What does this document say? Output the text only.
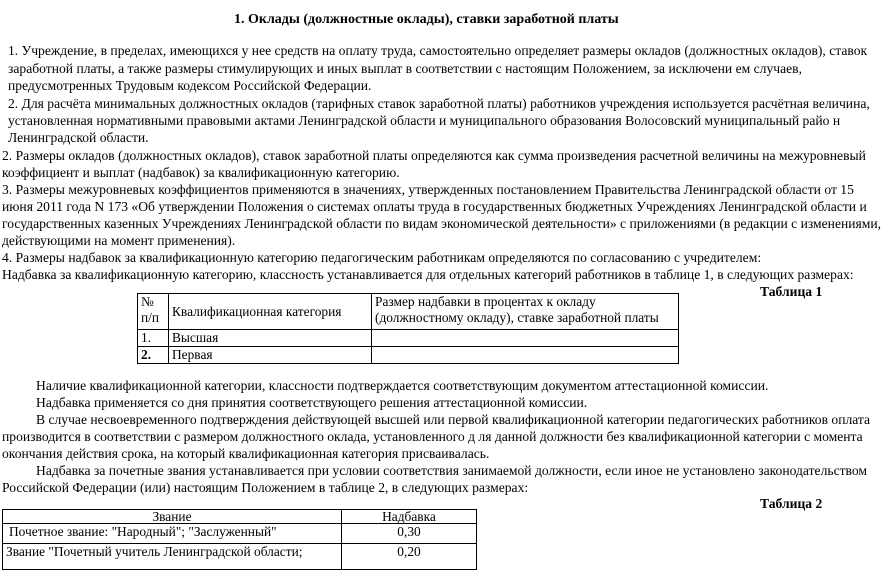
1. Оклады (должностные оклады), ставки заработной платы
1. Учреждение, в пределах, имеющихся у нее средств на оплату труда, самостоятельно определяет размеры окладов (должностных окладов), ставок
заработной платы, а также размеры стимулирующих и иных выплат в соответствии с настоящим Положением, за исключени ем случаев,
предусмотренных Трудовым кодексом Российской Федерации.
2. Для расчёта минимальных должностных окладов (тарифных ставок заработной платы) работников учреждения используется расчётная величина,
установленная нормативными правовыми актами Ленинградской области и муниципального образования Волосовский муниципальный райо н
Ленинградской области.
2. Размеры окладов (должностных окладов), ставок заработной платы определяются как сумма произведения расчетной величины на межуровневый
коэффициент и выплат (надбавок) за квалификационную категорию.
3. Размеры межуровневых коэффициентов применяются в значениях, утвержденных постановлением Правительства Ленинградской области от 15
июня 2011 года N 173 «Об утверждении Положения о системах оплаты труда в государственных бюджетных Учреждениях Ленинградской области и
государственных казенных Учреждениях Ленинградской области по видам экономической деятельности» с приложениями (в редакции с изменениями,
действующими на момент применения).
4. Размеры надбавок за квалификационную категорию педагогическим работникам определяются по согласованию с учредителем:
Надбавка за квалификационную категорию, классность устанавливается для отдельных категорий работников в таблице 1, в следующих размерах:
Таблица 1
№ п/п	Квалификационная категория	Размер надбавки в процентах к окладу (должностному окладу), ставке заработной платы
1.	Высшая	
2.	Первая	
Наличие квалификационной категории, классности подтверждается соответствующим документом аттестационной комиссии.
Надбавка применяется со дня принятия соответствующего решения аттестационной комиссии.
В случае несвоевременного подтверждения действующей высшей или первой квалификационной категории педагогических работников оплата
производится в соответствии с размером должностного оклада, установленного д ля данной должности без квалификационной категории с момента
окончания действия срока, на который квалификационная категория присваивалась.
Надбавка за почетные звания устанавливается при условии соответствия занимаемой должности, если иное не установлено законодательством
Российской Федерации (или) настоящим Положением в таблице 2, в следующих размерах:
Таблица 2
Звание	Надбавка
Почетное звание: "Народный"; "Заслуженный"	0,30
Звание "Почетный учитель Ленинградской области;	0,20
